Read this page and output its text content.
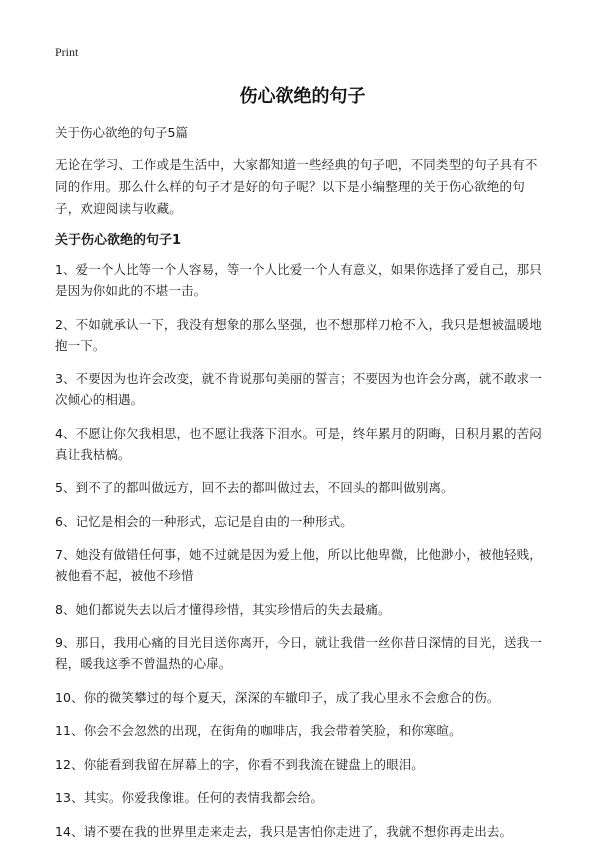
Print
伤心欲绝的句子
关于伤心欲绝的句子5篇
无论在学习、工作或是生活中，大家都知道一些经典的句子吧，不同类型的句子具有不同的作用。那么什么样的句子才是好的句子呢？以下是小编整理的关于伤心欲绝的句子，欢迎阅读与收藏。
关于伤心欲绝的句子1
1、爱一个人比等一个人容易，等一个人比爱一个人有意义，如果你选择了爱自己，那只是因为你如此的不堪一击。
2、不如就承认一下，我没有想象的那么坚强，也不想那样刀枪不入，我只是想被温暖地抱一下。
3、不要因为也许会改变，就不肯说那句美丽的誓言；不要因为也许会分离，就不敢求一次倾心的相遇。
4、不愿让你欠我相思，也不愿让我落下泪水。可是，终年累月的阴晦，日积月累的苦闷真让我枯槁。
5、到不了的都叫做远方，回不去的都叫做过去，不回头的都叫做别离。
6、记忆是相会的一种形式，忘记是自由的一种形式。
7、她没有做错任何事，她不过就是因为爱上他，所以比他卑微，比他渺小，被他轻贱，被他看不起，被他不珍惜
8、她们都说失去以后才懂得珍惜，其实珍惜后的失去最痛。
9、那日，我用心痛的目光目送你离开，今日，就让我借一丝你昔日深情的目光，送我一程，暖我这季不曾温热的心扉。
10、你的微笑攀过的每个夏天，深深的车辙印子，成了我心里永不会愈合的伤。
11、你会不会忽然的出现，在街角的咖啡店，我会带着笑脸，和你寒暄。
12、你能看到我留在屏幕上的字，你看不到我流在键盘上的眼泪。
13、其实。你爱我像谁。任何的表情我都会给。
14、请不要在我的世界里走来走去，我只是害怕你走进了，我就不想你再走出去。
